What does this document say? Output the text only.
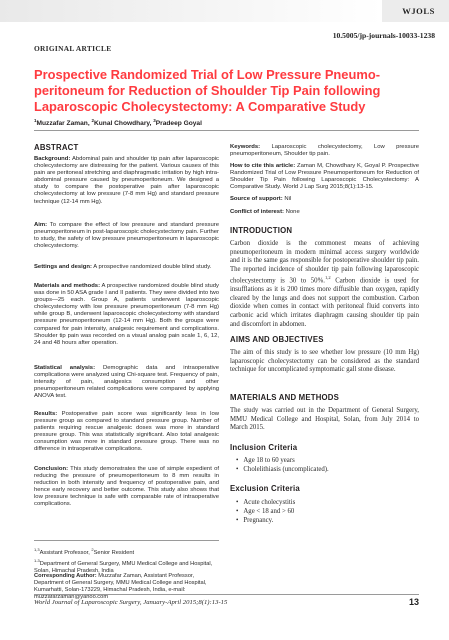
WJOLS
10.5005/jp-journals-10033-1238
ORIGINAL ARTICLE
Prospective Randomized Trial of Low Pressure Pneumoperitoneum for Reduction of Shoulder Tip Pain following Laparoscopic Cholecystectomy: A Comparative Study
$^1$Muzzafar Zaman, $^2$Kunal Chowdhary, $^3$Pradeep Goyal
ABSTRACT

Background: Abdominal pain and shoulder tip pain after laparoscopic cholecystectomy are distressing for the patient. Various causes of this pain are peritoneal stretching and diaphragmatic irritation by high intra-abdominal pressure caused by pneumoperitoneum. We designed a study to compare the postoperative pain after laparoscopic cholecystectomy at low pressure (7-8 mm Hg) and standard pressure technique (12-14 mm Hg).

Aim: To compare the effect of low pressure and standard pressure pneumoperitoneum in post-laparoscopic cholecystectomy pain. Further to study, the safety of low pressure pneumoperitoneum in laparoscopic cholecystectomy.

Settings and design: A prospective randomized double blind study.

Materials and methods: A prospective randomized double blind study was done in 50 ASA grade I and II patients. They were divided into two groups—25 each. Group A, patients underwent laparoscopic cholecystectomy with low pressure pneumoperitoneum (7-8 mm Hg) while group B, underwent laparoscopic cholecystectomy with standard pressure pneumoperitoneum (12-14 mm Hg). Both the groups were compared for pain intensity, analgesic requirement and complications. Shoulder tip pain was recorded on a visual analog pain scale 1, 6, 12, 24 and 48 hours after operation.

Statistical analysis: Demographic data and intraoperative complications were analyzed using Chi-square test. Frequency of pain, intensity of pain, analgesics consumption and other pneumoperitoneum related complications were compared by applying ANOVA test.

Results: Postoperative pain score was significantly less in low pressure group as compared to standard pressure group. Number of patients requiring rescue analgesic doses was more in standard pressure group. This was statistically significant. Also total analgesic consumption was more in standard pressure group. There was no difference in intraoperative complications.

Conclusion: This study demonstrates the use of simple expedient of reducing the pressure of pneumoperitoneum to 8 mm results in reduction in both intensity and frequency of postoperative pain, and hence early recovery and better outcome. This study also shows that low pressure technique is safe with comparable rate of intraoperative complications.

$^{1,3}$Assistant Professor, $^2$Senior Resident

$^{1-3}$Department of General Surgery, MMU Medical College and Hospital, Solan, Himachal Pradesh, India

Corresponding Author: Muzzafar Zaman, Assistant Professor, Department of General Surgery, MMU Medical College and Hospital, Kumarhatti, Solan-173229, Himachal Pradesh, India, e-mail: muzzafarzaman@yahoo.com

Keywords: Laparoscopic cholecystectomy, Low pressure pneumoperitoneum, Shoulder tip pain.

How to cite this article: Zaman M, Chowdhary K, Goyal P. Prospective Randomized Trial of Low Pressure Pneumoperitoneum for Reduction of Shoulder Tip Pain following Laparoscopic Cholecystectomy: A Comparative Study. World J Lap Surg 2015;8(1):13-15.

Source of support: Nil

Conflict of interest: None

INTRODUCTION

Carbon dioxide is the commonest means of achieving pneumoperitoneum in modern minimal access surgery worldwide and it is the same gas responsible for postoperative shoulder tip pain. The reported incidence of shoulder tip pain following laparoscopic cholecystectomy is 30 to 50%.$^{1,2}$ Carbon dioxide is used for insufflations as it is 200 times more diffusible than oxygen, rapidly cleared by the lungs and does not support the combustion. Carbon dioxide when comes in contact with peritoneal fluid converts into carbonic acid which irritates diaphragm causing shoulder tip pain and discomfort in abdomen.

AIMS AND OBJECTIVES

The aim of this study is to see whether low pressure (10 mm Hg) laparoscopic cholecystectomy can be considered as the standard technique for uncomplicated symptomatic gall stone disease.

MATERIALS AND METHODS

The study was carried out in the Department of General Surgery, MMU Medical College and Hospital, Solan, from July 2014 to March 2015.

Inclusion Criteria
• Age 18 to 60 years
• Cholelithiasis (uncomplicated).
Exclusion Criteria
• Acute cholecystitis
• Age < 18 and > 60
• Pregnancy.
World Journal of Laparoscopic Surgery, January-April 2015;8(1):13-15	13
